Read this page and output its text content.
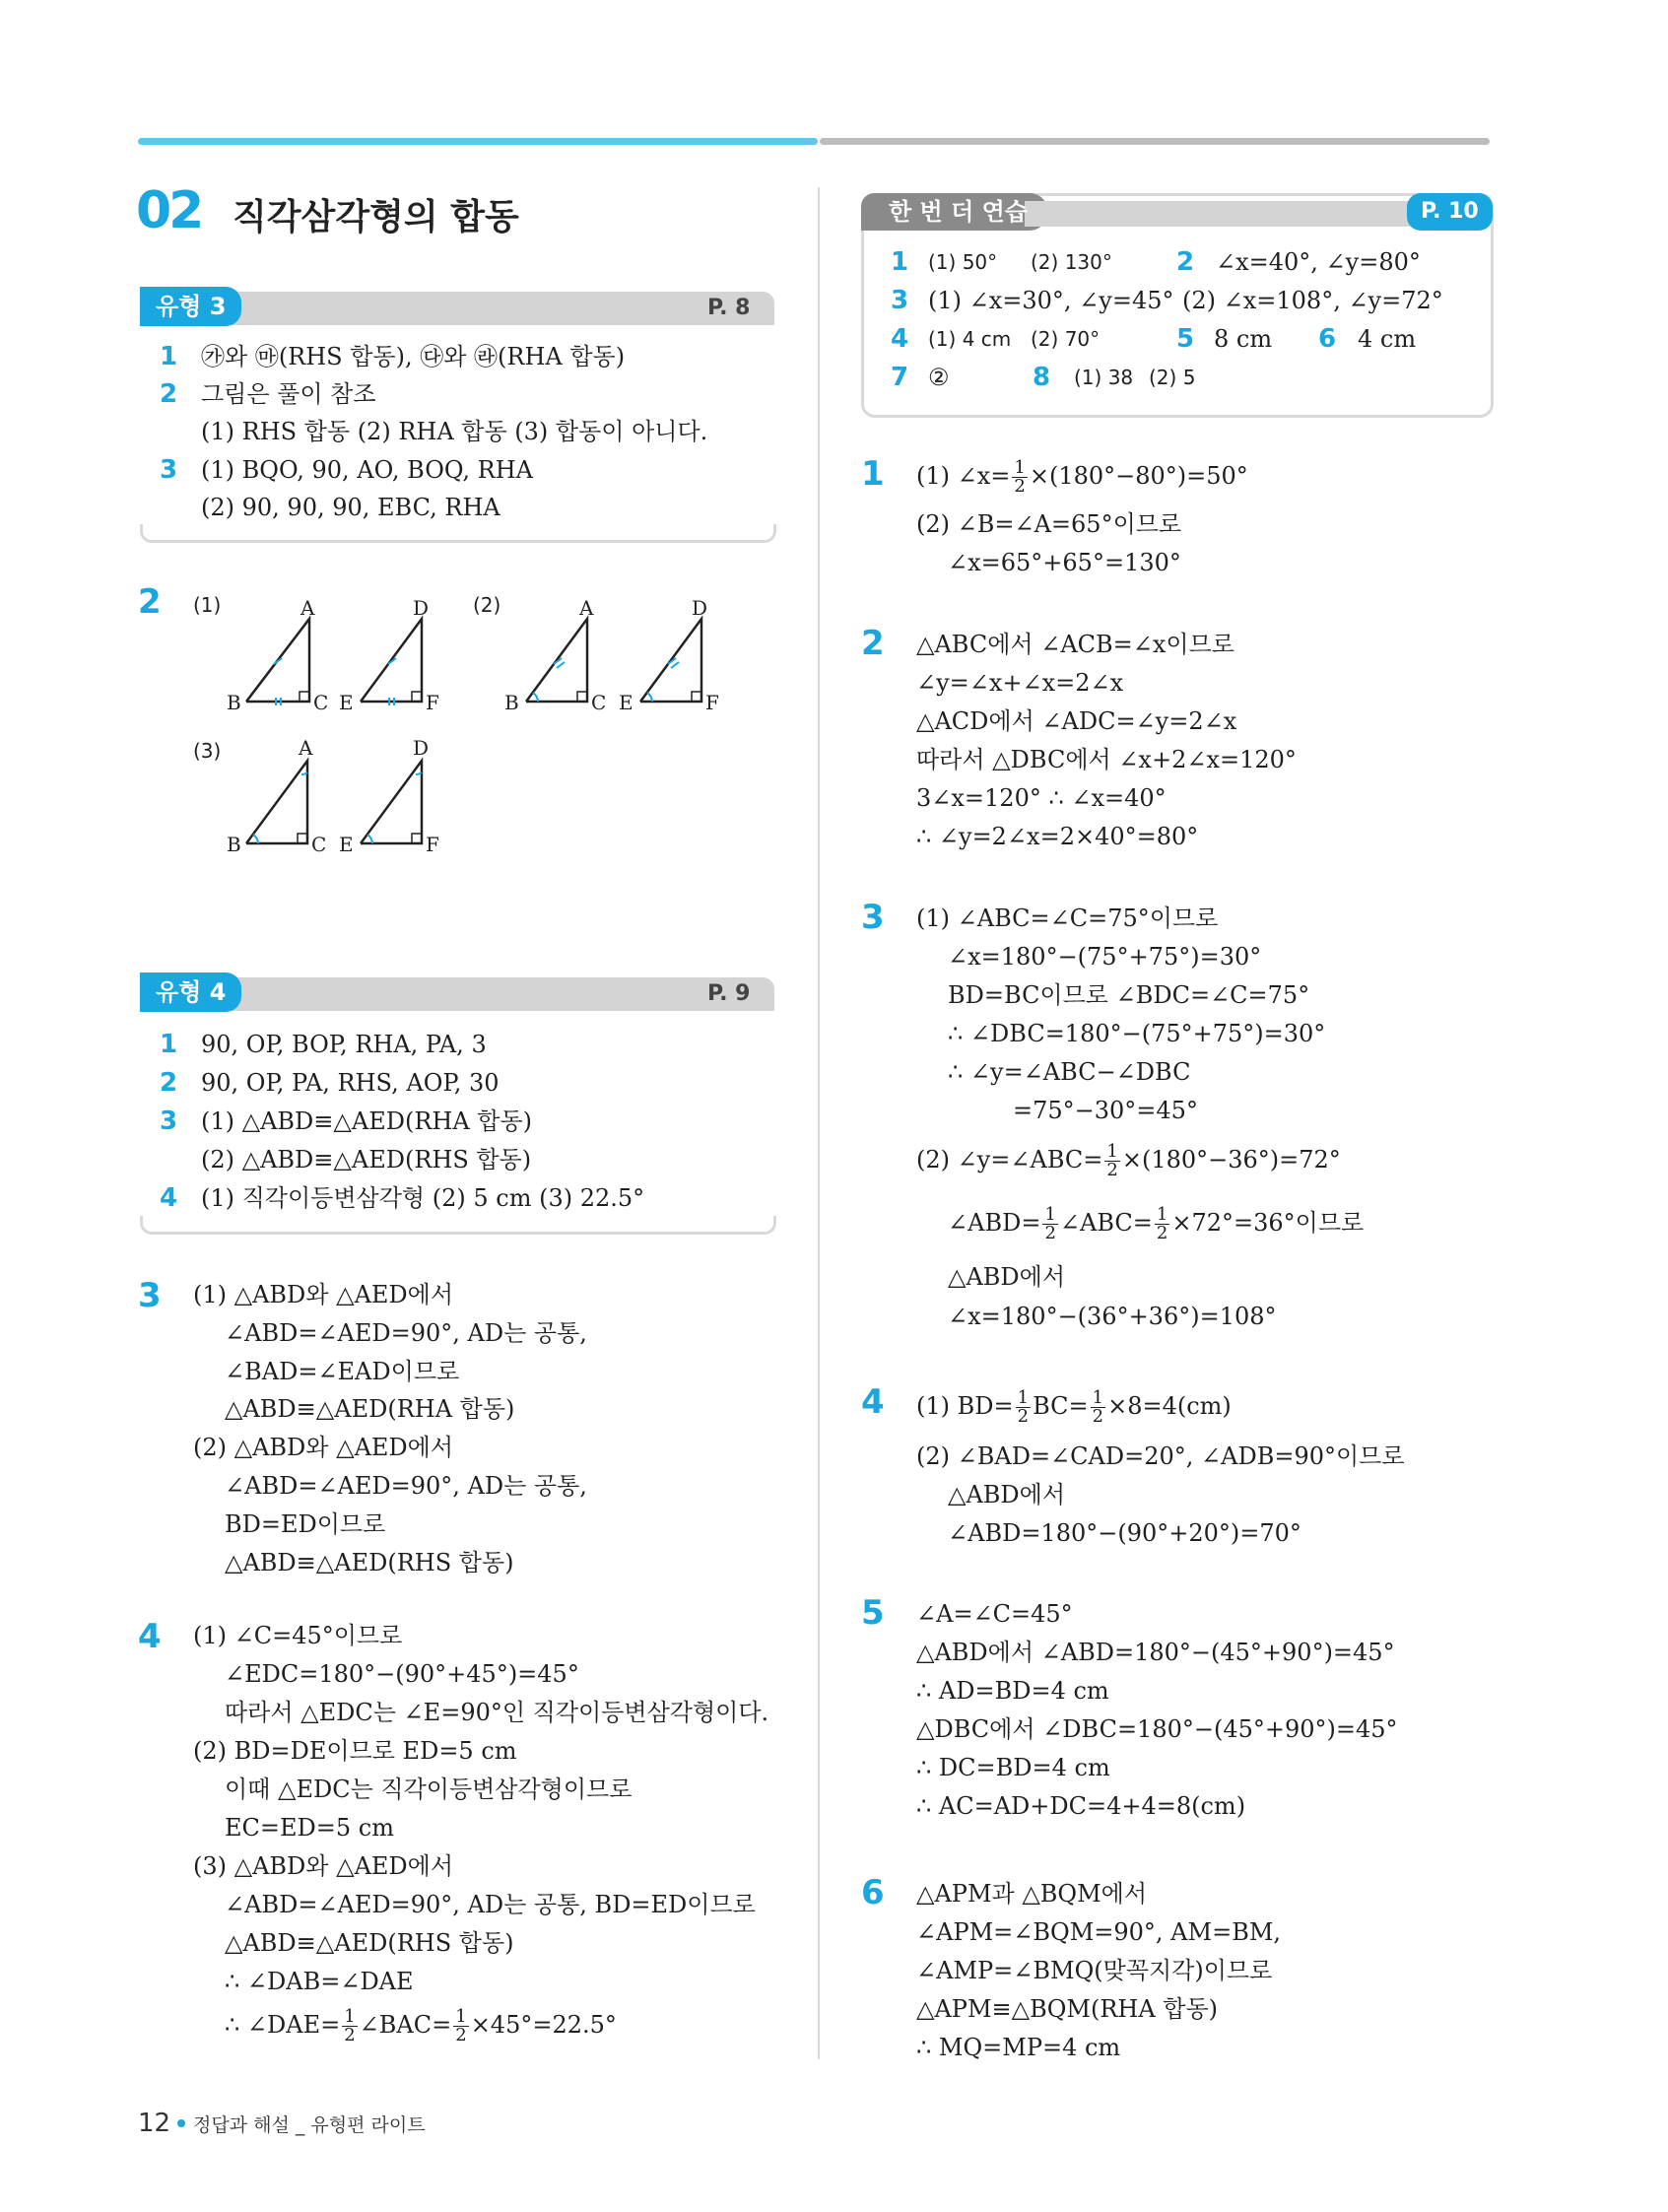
02 직각삼각형의 합동
유형 3	P. 8
1 ㉮와 ㉲(RHS 합동), ㉰와 ㉱(RHA 합동)
2 그림은 풀이 참조
(1) RHS 합동 (2) RHA 합동 (3) 합동이 아니다.
3 (1) BQO, 90, AO, BOQ, RHA
(2) 90, 90, 90, EBC, RHA
2 (1)	(2)
(3)
A	D
B	C E	F
A	D
B	C E	F
A	D
B	C E	F
유형 4	P. 9
1 90, OP, BOP, RHA, PA, 3
2 90, OP, PA, RHS, AOP, 30
3 (1) △ABD≡△AED(RHA 합동)
(2) △ABD≡△AED(RHS 합동)
4 (1) 직각이등변삼각형 (2) 5 cm (3) 22.5°
3 (1) △ABD와 △AED에서
∠ABD=∠AED=90°, AD는 공통,
∠BAD=∠EAD이므로
△ABD≡△AED(RHA 합동)
(2) △ABD와 △AED에서
∠ABD=∠AED=90°, AD는 공통,
BD=ED이므로
△ABD≡△AED(RHS 합동)
4 (1) ∠C=45°이므로
∠EDC=180°−(90°+45°)=45°
따라서 △EDC는 ∠E=90°인 직각이등변삼각형이다.
(2) BD=DE이므로 ED=5 cm
이때 △EDC는 직각이등변삼각형이므로
EC=ED=5 cm
(3) △ABD와 △AED에서
∠ABD=∠AED=90°, AD는 공통, BD=ED이므로
△ABD≡△AED(RHS 합동)
∴ ∠DAB=∠DAE
∴ ∠DAE= $\frac{1}{2}$ ∠BAC= $\frac{1}{2} \times 45^\circ=22.5^\circ$
한 번 더 연습	P. 10
1 (1) 50° (2) 130°	2 ∠x=40°, ∠y=80°
3 (1) ∠x=30°, ∠y=45° (2) ∠x=108°, ∠y=72°
4 (1) 4 cm (2) 70°	5 8 cm 6 4 cm
7 ②	8 (1) 38 (2) 5
1 (1) ∠x= $\frac{1}{2} \times(180^\circ-80^\circ)=50^\circ$
(2) ∠B=∠A=65°이므로
∠x=65°+65°=130°
2 △ABC에서 ∠ACB=∠x이므로
∠y=∠x+∠x=2∠x
△ACD에서 ∠ADC=∠y=2∠x
따라서 △DBC에서 ∠x+2∠x=120°
3∠x=120° ∴ ∠x=40°
∴ ∠y=2∠x=2×40°=80°
3 (1) ∠ABC=∠C=75°이므로
∠x=180°−(75°+75°)=30°
BD=BC이므로 ∠BDC=∠C=75°
∴ ∠DBC=180°−(75°+75°)=30°
∴ ∠y=∠ABC−∠DBC
=75°−30°=45°
(2) ∠y=∠ABC= $\frac{1}{2} \times(180^\circ-36^\circ)=72^\circ$
∠ABD= $\frac{1}{2}$ ∠ABC= $\frac{1}{2} \times 72^\circ=36^\circ$이므로
△ABD에서
∠x=180°−(36°+36°)=108°
4 (1) $BD= \frac{1}{2} BC= \frac{1}{2} \times 8=4(cm)$
(2) ∠BAD=∠CAD=20°, ∠ADB=90°이므로
△ABD에서
∠ABD=180°−(90°+20°)=70°
5 ∠A=∠C=45°
△ABD에서 ∠ABD=180°−(45°+90°)=45°
∴ AD=BD=4 cm
△DBC에서 ∠DBC=180°−(45°+90°)=45°
∴ DC=BD=4 cm
∴ AC=AD+DC=4+4=8(cm)
6 △APM과 △BQM에서
∠APM=∠BQM=90°, AM=BM,
∠AMP=∠BMQ(맞꼭지각)이므로
△APM≡△BQM(RHA 합동)
∴ MQ=MP=4 cm
12 정답과 해설 _ 유형편 라이트
